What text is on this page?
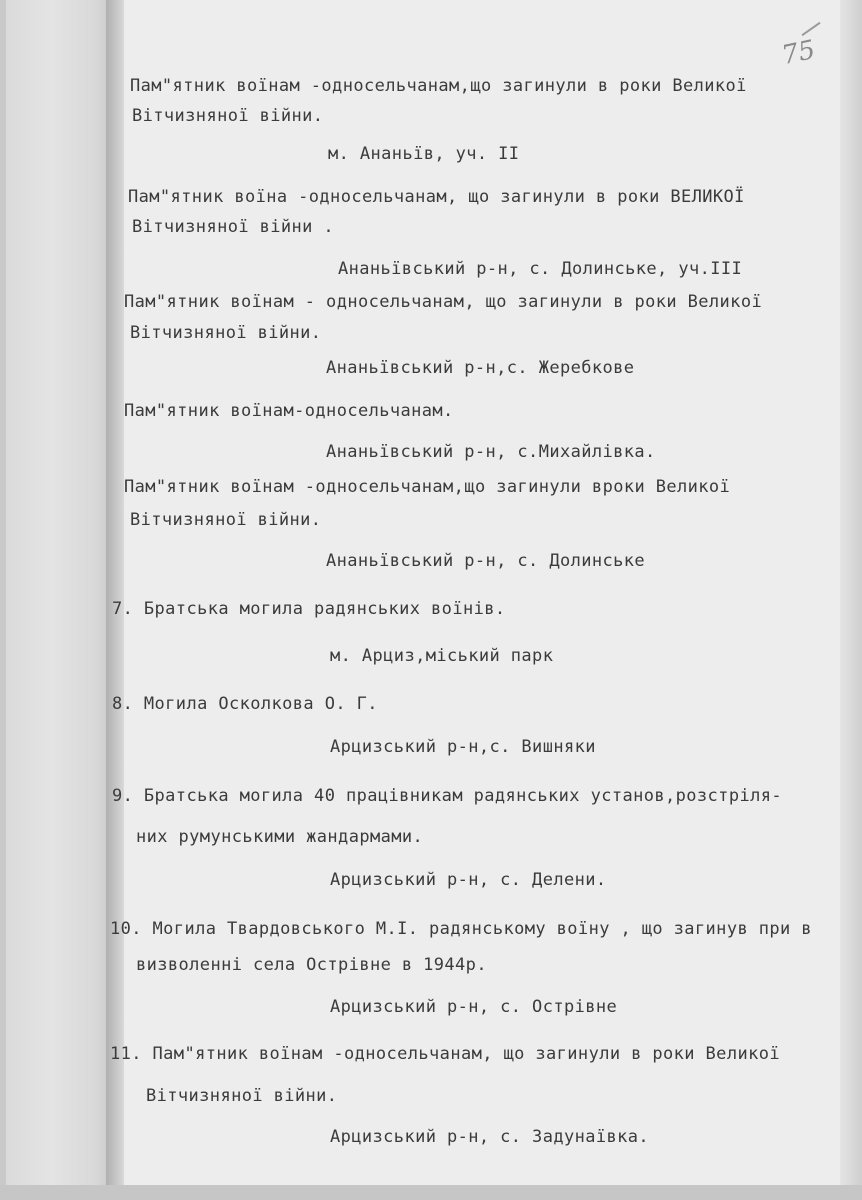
75
Пам"ятник воїнам -односельчанам,що загинули в роки Великої
Вітчизняної війни.
м. Ананьїв, уч. II
Пам"ятник воїна -односельчанам, що загинули в роки ВЕЛИКОЇ
Вітчизняної війни .
Ананьївський р-н, с. Долинське, уч.III
Пам"ятник воїнам - односельчанам, що загинули в роки Великої
Вітчизняної війни.
Ананьївський р-н,с. Жеребкове
Пам"ятник воїнам-односельчанам.
Ананьївський р-н, с.Михайлівка.
Пам"ятник воїнам -односельчанам,що загинули вроки Великої
Вітчизняної війни.
Ананьївський р-н, с. Долинське
7. Братська могила радянських воїнів.
м. Арциз,міський парк
8. Могила Осколкова О. Г.
Арцизський р-н,с. Вишняки
9. Братська могила 40 працівникам радянських установ,розстріля-
них румунськими жандармами.
Арцизський р-н, с. Делени.
10. Могила Твардовського М.І. радянському воїну , що загинув при в
визволенні села Острівне в 1944р.
Арцизський р-н, с. Острівне
11. Пам"ятник воїнам -односельчанам, що загинули в роки Великої
Вітчизняної війни.
Арцизський р-н, с. Задунаївка.
